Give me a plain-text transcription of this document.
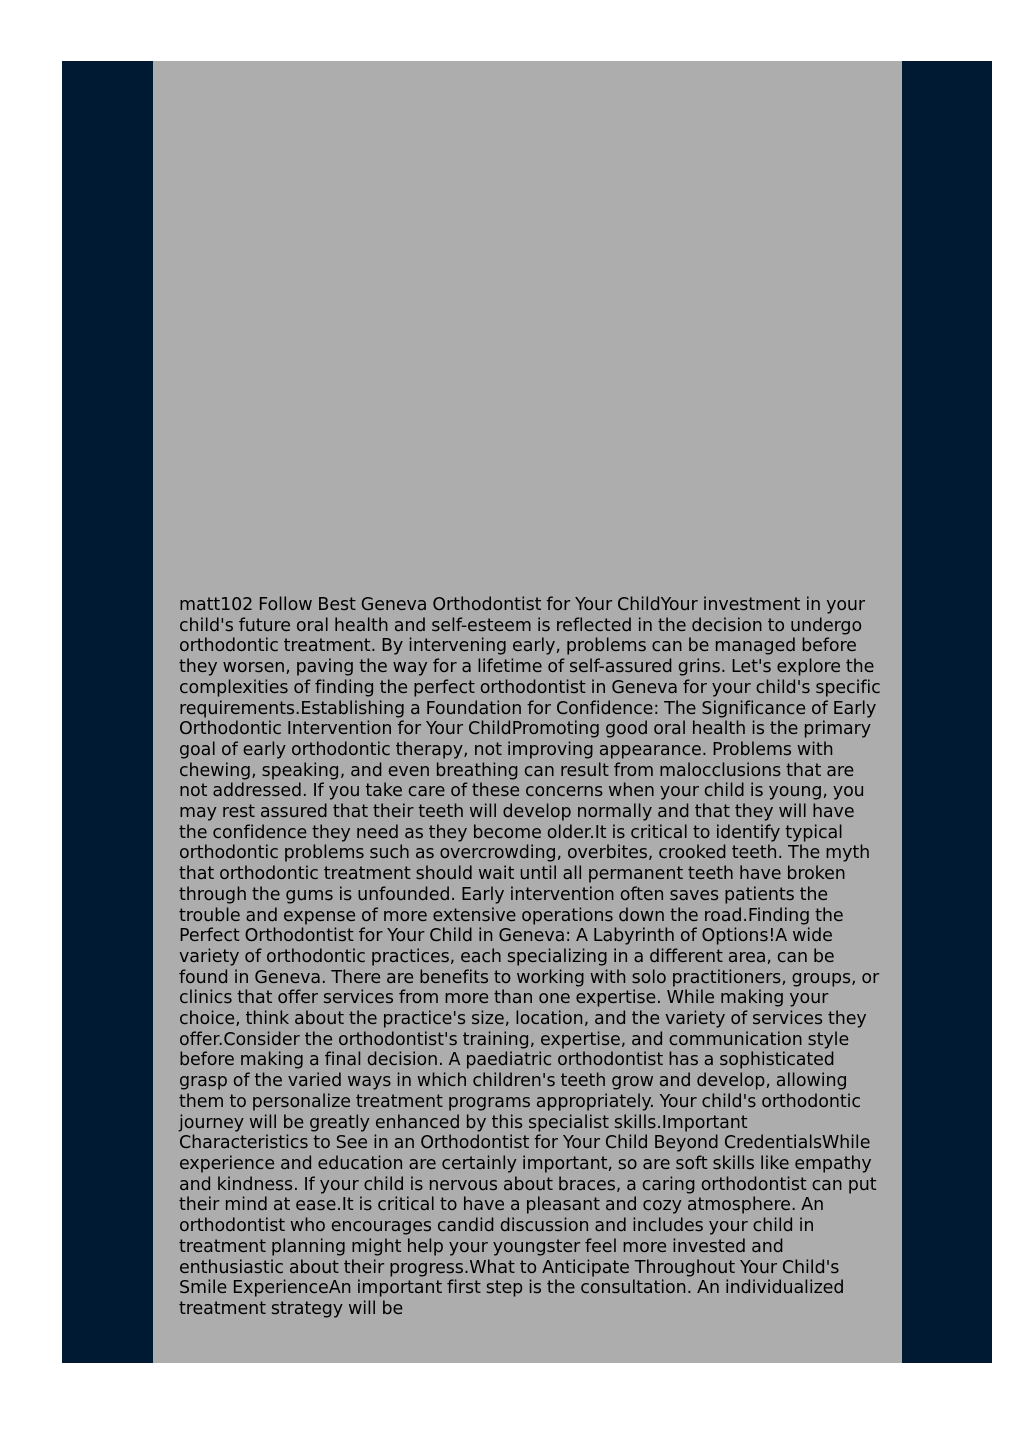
matt102 Follow Best Geneva Orthodontist for Your ChildYour investment in your child's future oral health and self-esteem is reflected in the decision to undergo orthodontic treatment. By intervening early, problems can be managed before they worsen, paving the way for a lifetime of self-assured grins. Let's explore the complexities of finding the perfect orthodontist in Geneva for your child's specific requirements.Establishing a Foundation for Confidence: The Significance of Early Orthodontic Intervention for Your ChildPromoting good oral health is the primary goal of early orthodontic therapy, not improving appearance. Problems with chewing, speaking, and even breathing can result from malocclusions that are not addressed. If you take care of these concerns when your child is young, you may rest assured that their teeth will develop normally and that they will have the confidence they need as they become older.It is critical to identify typical orthodontic problems such as overcrowding, overbites, crooked teeth. The myth that orthodontic treatment should wait until all permanent teeth have broken through the gums is unfounded. Early intervention often saves patients the trouble and expense of more extensive operations down the road.Finding the Perfect Orthodontist for Your Child in Geneva: A Labyrinth of Options!A wide variety of orthodontic practices, each specializing in a different area, can be found in Geneva. There are benefits to working with solo practitioners, groups, or clinics that offer services from more than one expertise. While making your choice, think about the practice's size, location, and the variety of services they offer.Consider the orthodontist's training, expertise, and communication style before making a final decision. A paediatric orthodontist has a sophisticated grasp of the varied ways in which children's teeth grow and develop, allowing them to personalize treatment programs appropriately. Your child's orthodontic journey will be greatly enhanced by this specialist skills.Important Characteristics to See in an Orthodontist for Your Child Beyond CredentialsWhile experience and education are certainly important, so are soft skills like empathy and kindness. If your child is nervous about braces, a caring orthodontist can put their mind at ease.It is critical to have a pleasant and cozy atmosphere. An orthodontist who encourages candid discussion and includes your child in treatment planning might help your youngster feel more invested and enthusiastic about their progress.What to Anticipate Throughout Your Child's Smile ExperienceAn important first step is the consultation. An individualized treatment strategy will be
